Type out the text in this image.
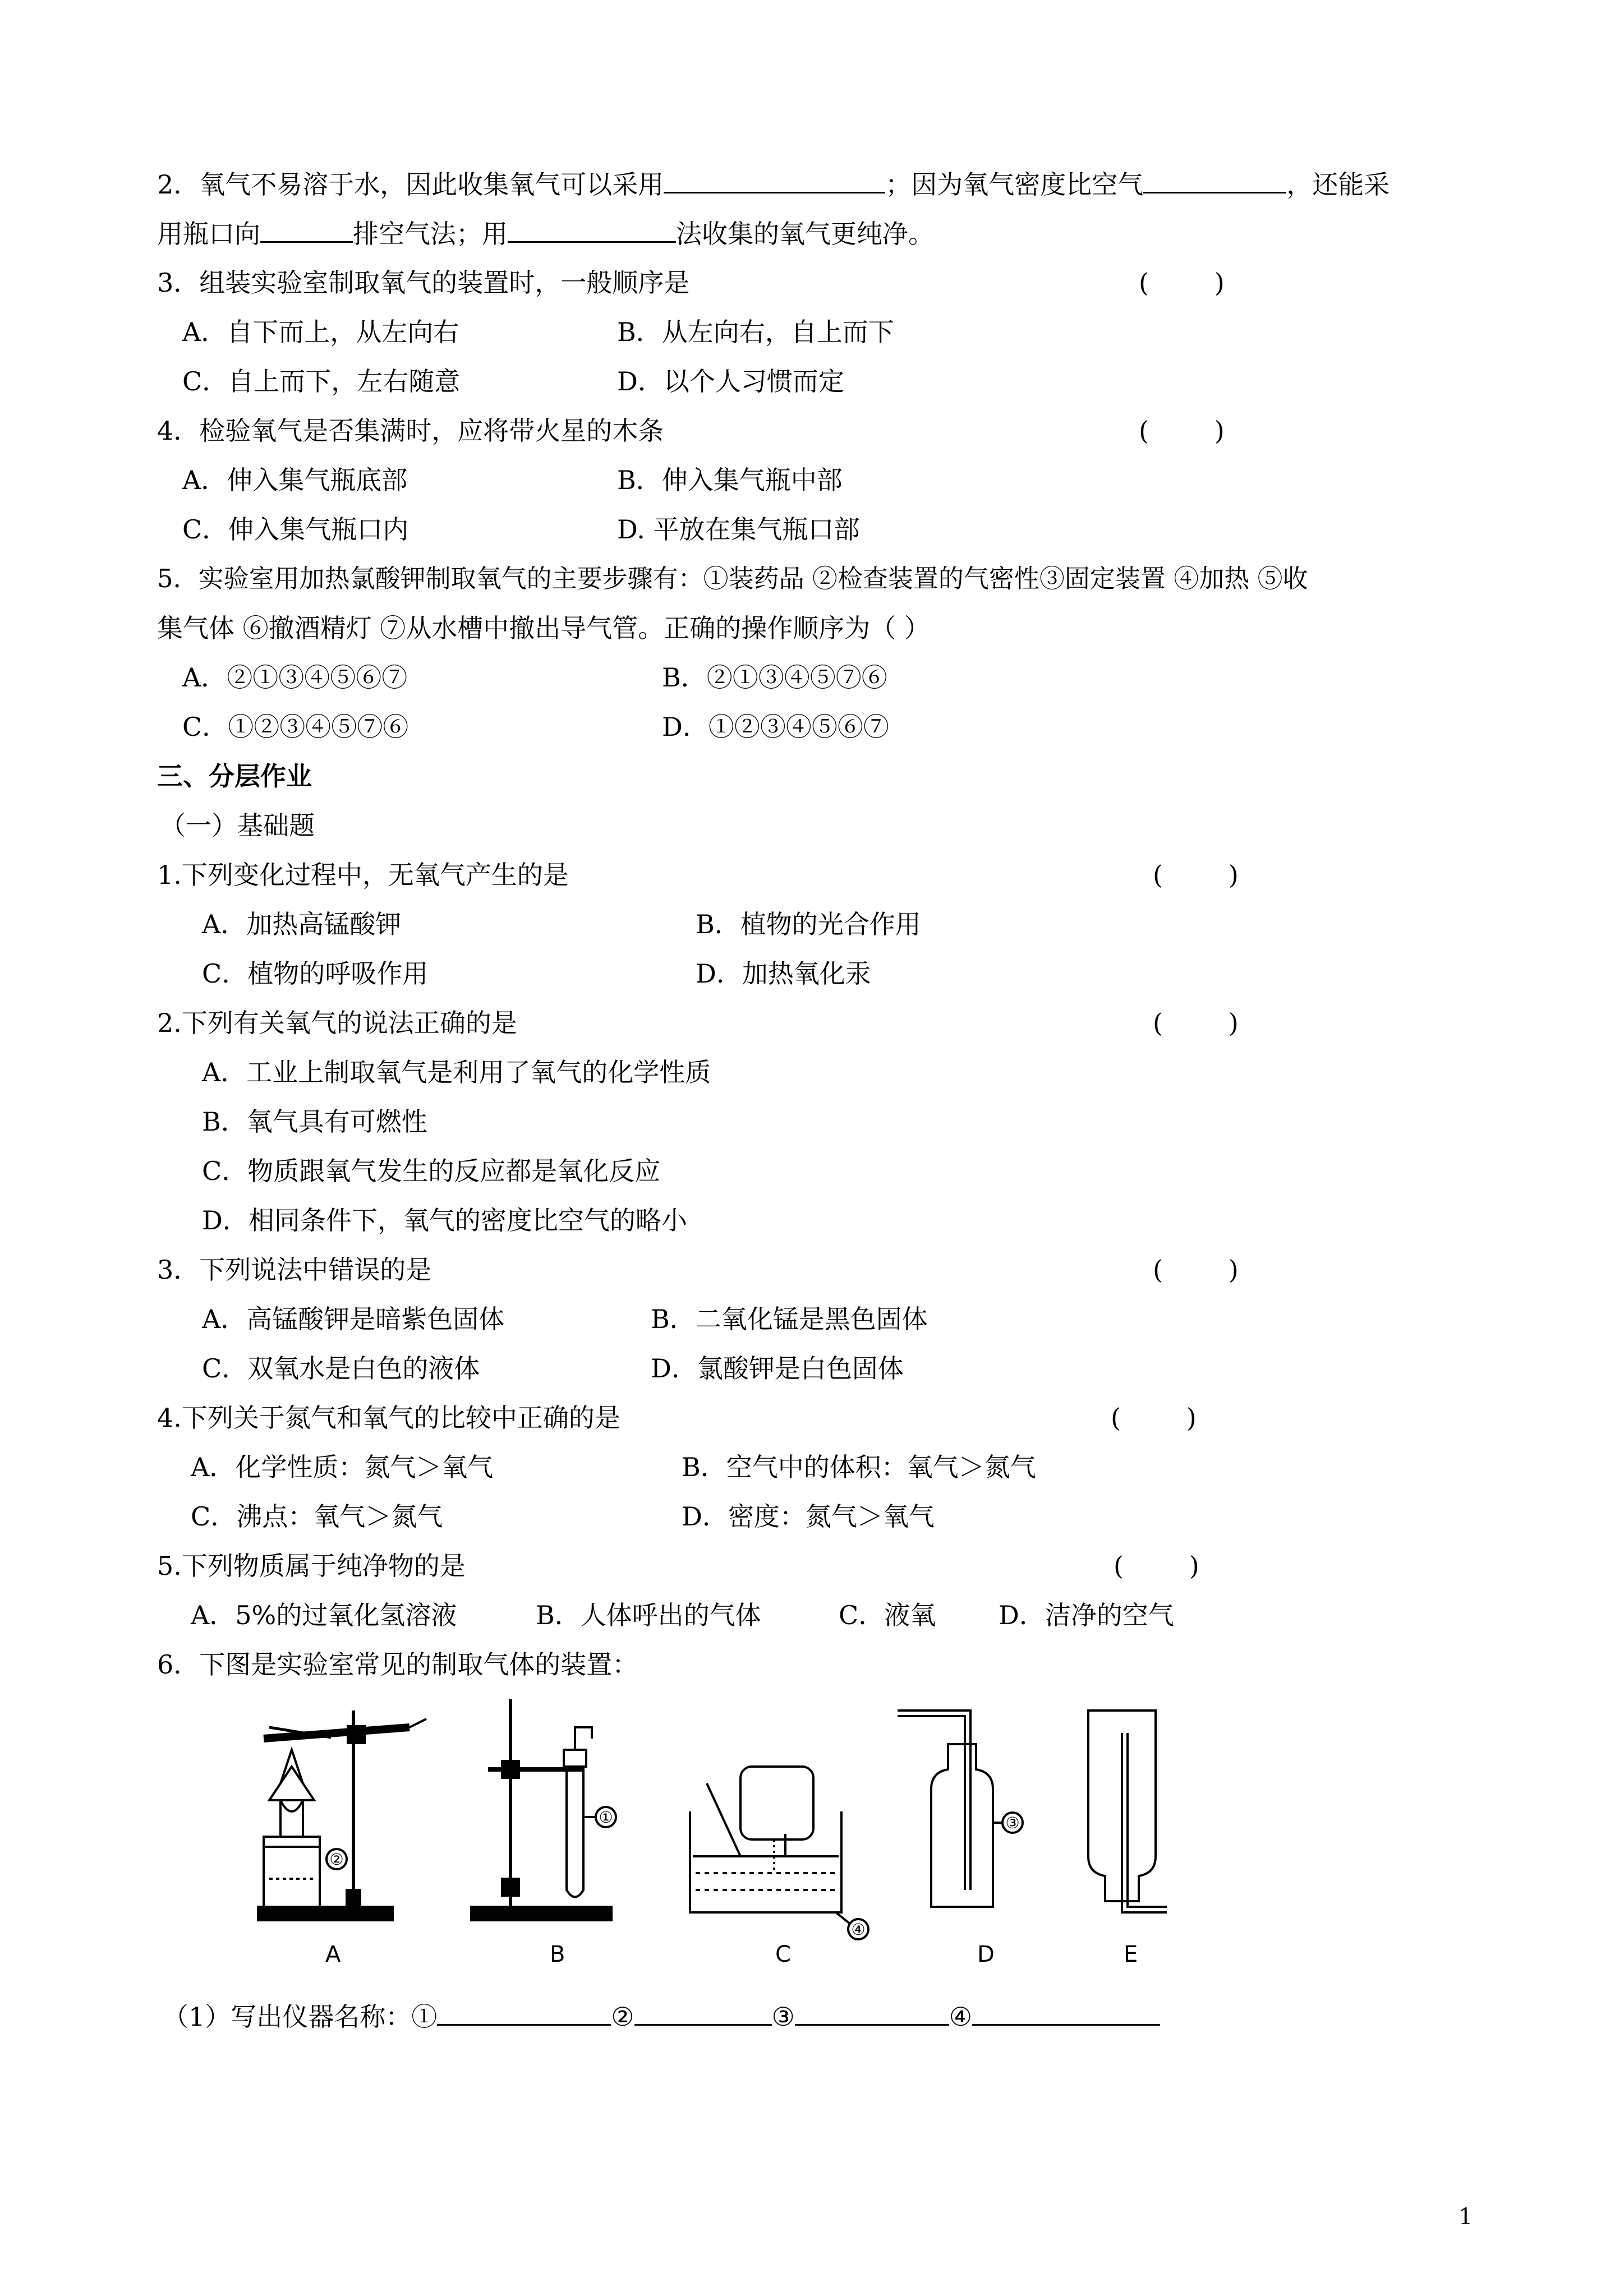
2．氧气不易溶于水，因此收集氧气可以采用	；因为氧气密度比空气	，还能采
用瓶口向	排空气法；用	法收集的氧气更纯净。
3．组装实验室制取氧气的装置时，一般顺序是	(        )
A．自下而上，从左向右	B．从左向右，自上而下
C．自上而下，左右随意	D．以个人习惯而定
4．检验氧气是否集满时，应将带火星的木条	(        )
A．伸入集气瓶底部	B．伸入集气瓶中部
C．伸入集气瓶口内	D. 平放在集气瓶口部
5．实验室用加热氯酸钾制取氧气的主要步骤有：①装药品 ②检查装置的气密性③固定装置 ④加热 ⑤收
集气体 ⑥撤酒精灯 ⑦从水槽中撤出导气管。正确的操作顺序为（ ）
A．②①③④⑤⑥⑦	B．②①③④⑤⑦⑥
C．①②③④⑤⑦⑥	D．①②③④⑤⑥⑦
三、分层作业
（一）基础题
1.下列变化过程中，无氧气产生的是	(        )
A．加热高锰酸钾	B．植物的光合作用
C．植物的呼吸作用	D．加热氧化汞
2.下列有关氧气的说法正确的是	(        )
A．工业上制取氧气是利用了氧气的化学性质
B．氧气具有可燃性
C．物质跟氧气发生的反应都是氧化反应
D．相同条件下，氧气的密度比空气的略小
3．下列说法中错误的是	(        )
A．高锰酸钾是暗紫色固体	B．二氧化锰是黑色固体
C．双氧水是白色的液体	D．氯酸钾是白色固体
4.下列关于氮气和氧气的比较中正确的是	(        )
A．化学性质：氮气＞氧气	B．空气中的体积：氧气＞氮气
C．沸点：氧气＞氮气	D．密度：氮气＞氧气
5.下列物质属于纯净物的是	(        )
A．5%的过氧化氢溶液	B．人体呼出的气体	C．液氧 D．洁净的空气
6．下图是实验室常见的制取气体的装置：
②
①
④
③
A	B	C	D	E
（1）写出仪器名称：①	②	③	④
1
